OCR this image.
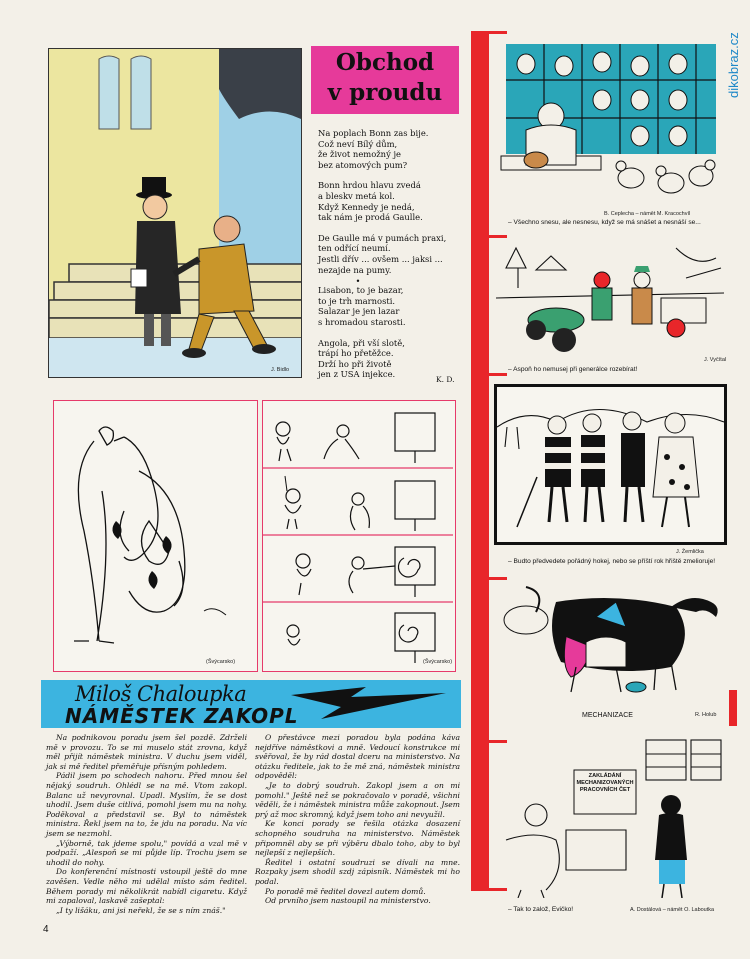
dikobraz.cz
J. Bidlo
Obchod
v proudu

Na poplach Bonn zas bije.
Což neví Bílý dům,
že život nemožný je
bez atomových pum?

Bonn hrdou hlavu zvedá
a bleskv metá kol.
Když Kennedy je nedá,
tak nám je prodá Gaulle.

De Gaulle má v pumách praxi,
ten odřící neumí.
Jestli dřív ... ovšem ... jaksi ...
nezajde na pumy.

•

Lisabon, to je bazar,
to je trh marnosti.
Salazar je jen lazar
s hromadou starosti.

Angola, při vší slotě,
trápí ho přetěžce.
Drží ho při životě
jen z USA injekce.

K. D.
(Švýcarsko)	(Švýcarsko)
Miloš Chaloupka
NÁMĚSTEK ZAKOPL

Na podnikovou poradu jsem šel pozdě. Zdrželi mě v provozu. To se mi muselo stát zrovna, když měl přijít náměstek ministra. V duchu jsem viděl, jak si mě ředitel přeměřuje přísným pohledem.

Pádil jsem po schodech nahoru. Před mnou šel nějaký soudruh. Ohlédl se na mě. Vtom zakopl. Balanc už nevyrovnal. Upadl. Myslím, že se dost uhodil. Jsem duše citlivá, pomohl jsem mu na nohy. Poděkoval a představil se. Byl to náměstek ministra. Řekl jsem na to, že jdu na poradu. Na víc jsem se nezmohl.

„Výborně, tak jdeme spolu," povídá a vzal mě v podpaží. „Alespoň se mi půjde líp. Trochu jsem se uhodil do nohy.

Do konferenční místnosti vstoupil ještě do mne zavěšen. Vedle něho mi udělal místo sám ředitel. Během porady mi několikrát nabídl cigaretu. Když mi zapaloval, laskavě zašeptal:

„I ty lišáku, ani jsi neřekl, že se s ním znáš."

O přestávce mezi poradou byla podána káva nejdříve náměstkovi a mně. Vedoucí konstrukce mi svěřoval, že by rád dostal dceru na ministerstvo. Na otázku ředitele, jak to že mě zná, náměstek ministra odpověděl:

„Je to dobrý soudruh. Zakopl jsem a on mi pomohl." Ještě než se pokračovalo v poradě, všichni věděli, že i náměstek ministra může zakopnout. Jsem prý až moc skromný, když jsem toho ani nevyužil.

Ke konci porady se řešila otázka dosazení schopného soudruha na ministerstvo. Náměstek připomněl aby se při výběru dbalo toho, aby to byl nejlepší z nejlepších.

Ředitel i ostatní soudruzi se dívali na mne. Rozpaky jsem shodil szdj zápisník. Náměstek mi ho podal.

Po poradě mě ředitel dovezl autem domů.

Od prvního jsem nastoupil na ministerstvo.

4
B. Ceplecha – námět M. Kracochvíl
– Všechno snesu, ale nesnesu, když se má snášet a nesnáší se...
J. Vyčítal
– Aspoň ho nemusej při generálce rozebírat!
J. Žemlička
– Budto předvedete pořádný hokej, nebo se příští rok hřiště zmelioruje!
MECHANIZACE	R. Holub
ZAKLÁDÁNÍ MECHANIZOVANÝCH PRACOVNÍCH ČET
– Tak to založ, Evičko!	A. Dostálová – námět O. Laboutka
